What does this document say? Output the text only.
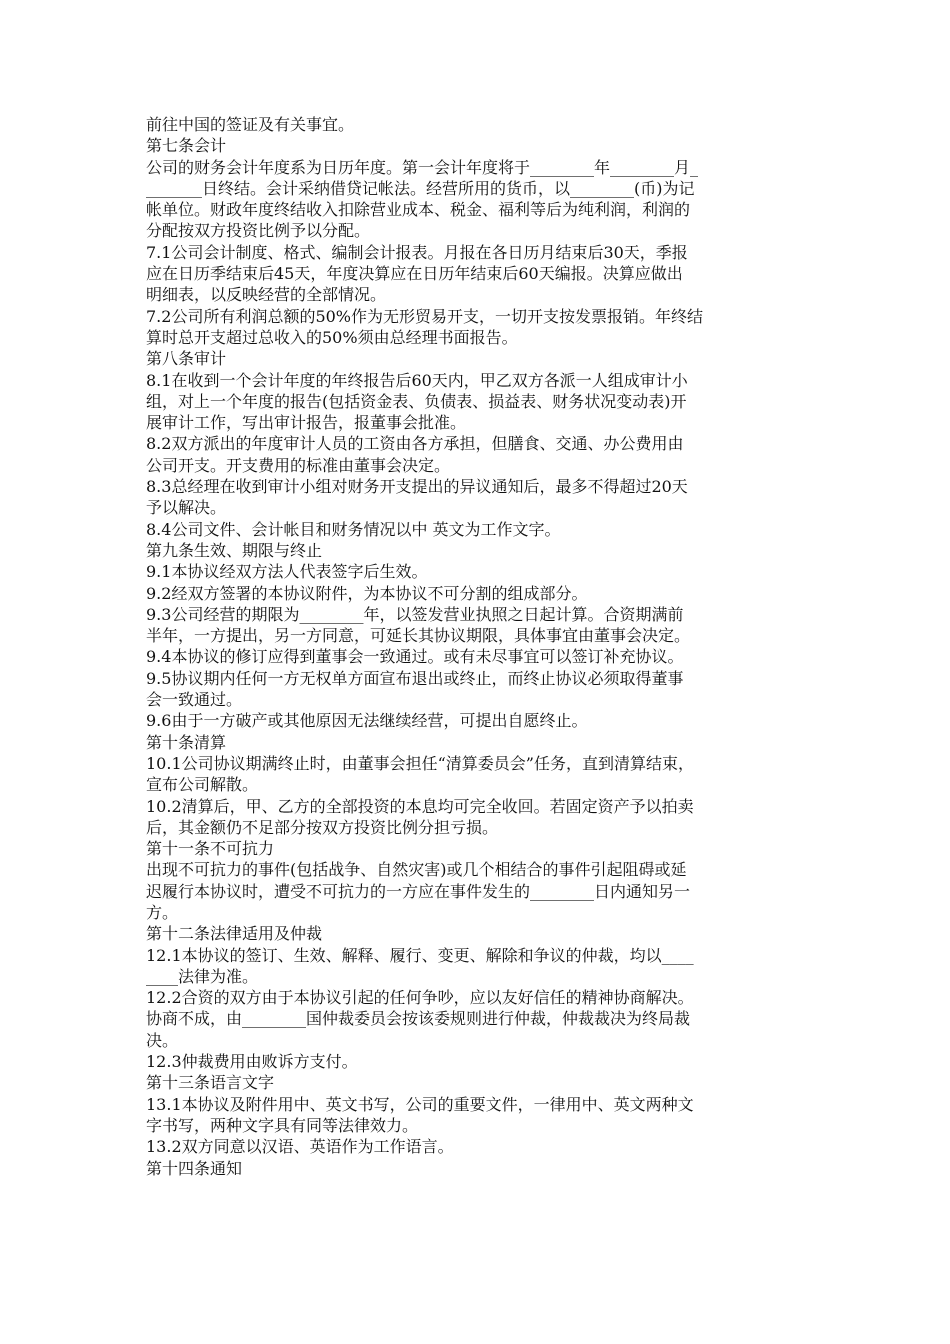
前往中国的签证及有关事宜。
第七条会计
公司的财务会计年度系为日历年度。第一会计年度将于________年________月_
_______日终结。会计采纳借贷记帐法。经营所用的货币，以________(币)为记
帐单位。财政年度终结收入扣除营业成本、税金、福利等后为纯利润，利润的
分配按双方投资比例予以分配。
7.1公司会计制度、格式、编制会计报表。月报在各日历月结束后30天，季报
应在日历季结束后45天，年度决算应在日历年结束后60天编报。决算应做出
明细表，以反映经营的全部情况。
7.2公司所有利润总额的50%作为无形贸易开支，一切开支按发票报销。年终结
算时总开支超过总收入的50%须由总经理书面报告。
第八条审计
8.1在收到一个会计年度的年终报告后60天内，甲乙双方各派一人组成审计小
组，对上一个年度的报告(包括资金表、负债表、损益表、财务状况变动表)开
展审计工作，写出审计报告，报董事会批准。
8.2双方派出的年度审计人员的工资由各方承担，但膳食、交通、办公费用由
公司开支。开支费用的标准由董事会决定。
8.3总经理在收到审计小组对财务开支提出的异议通知后，最多不得超过20天
予以解决。
8.4公司文件、会计帐目和财务情况以中 英文为工作文字。
第九条生效、期限与终止
9.1本协议经双方法人代表签字后生效。
9.2经双方签署的本协议附件，为本协议不可分割的组成部分。
9.3公司经营的期限为________年，以签发营业执照之日起计算。合资期满前
半年，一方提出，另一方同意，可延长其协议期限，具体事宜由董事会决定。
9.4本协议的修订应得到董事会一致通过。或有未尽事宜可以签订补充协议。
9.5协议期内任何一方无权单方面宣布退出或终止，而终止协议必须取得董事
会一致通过。
9.6由于一方破产或其他原因无法继续经营，可提出自愿终止。
第十条清算
10.1公司协议期满终止时，由董事会担任“清算委员会”任务，直到清算结束，
宣布公司解散。
10.2清算后，甲、乙方的全部投资的本息均可完全收回。若固定资产予以拍卖
后，其金额仍不足部分按双方投资比例分担亏损。
第十一条不可抗力
出现不可抗力的事件(包括战争、自然灾害)或几个相结合的事件引起阻碍或延
迟履行本协议时，遭受不可抗力的一方应在事件发生的________日内通知另一
方。
第十二条法律适用及仲裁
12.1本协议的签订、生效、解释、履行、变更、解除和争议的仲裁，均以____
____法律为准。
12.2合资的双方由于本协议引起的任何争吵，应以友好信任的精神协商解决。
协商不成，由________国仲裁委员会按该委规则进行仲裁，仲裁裁决为终局裁
决。
12.3仲裁费用由败诉方支付。
第十三条语言文字
13.1本协议及附件用中、英文书写，公司的重要文件，一律用中、英文两种文
字书写，两种文字具有同等法律效力。
13.2双方同意以汉语、英语作为工作语言。
第十四条通知
